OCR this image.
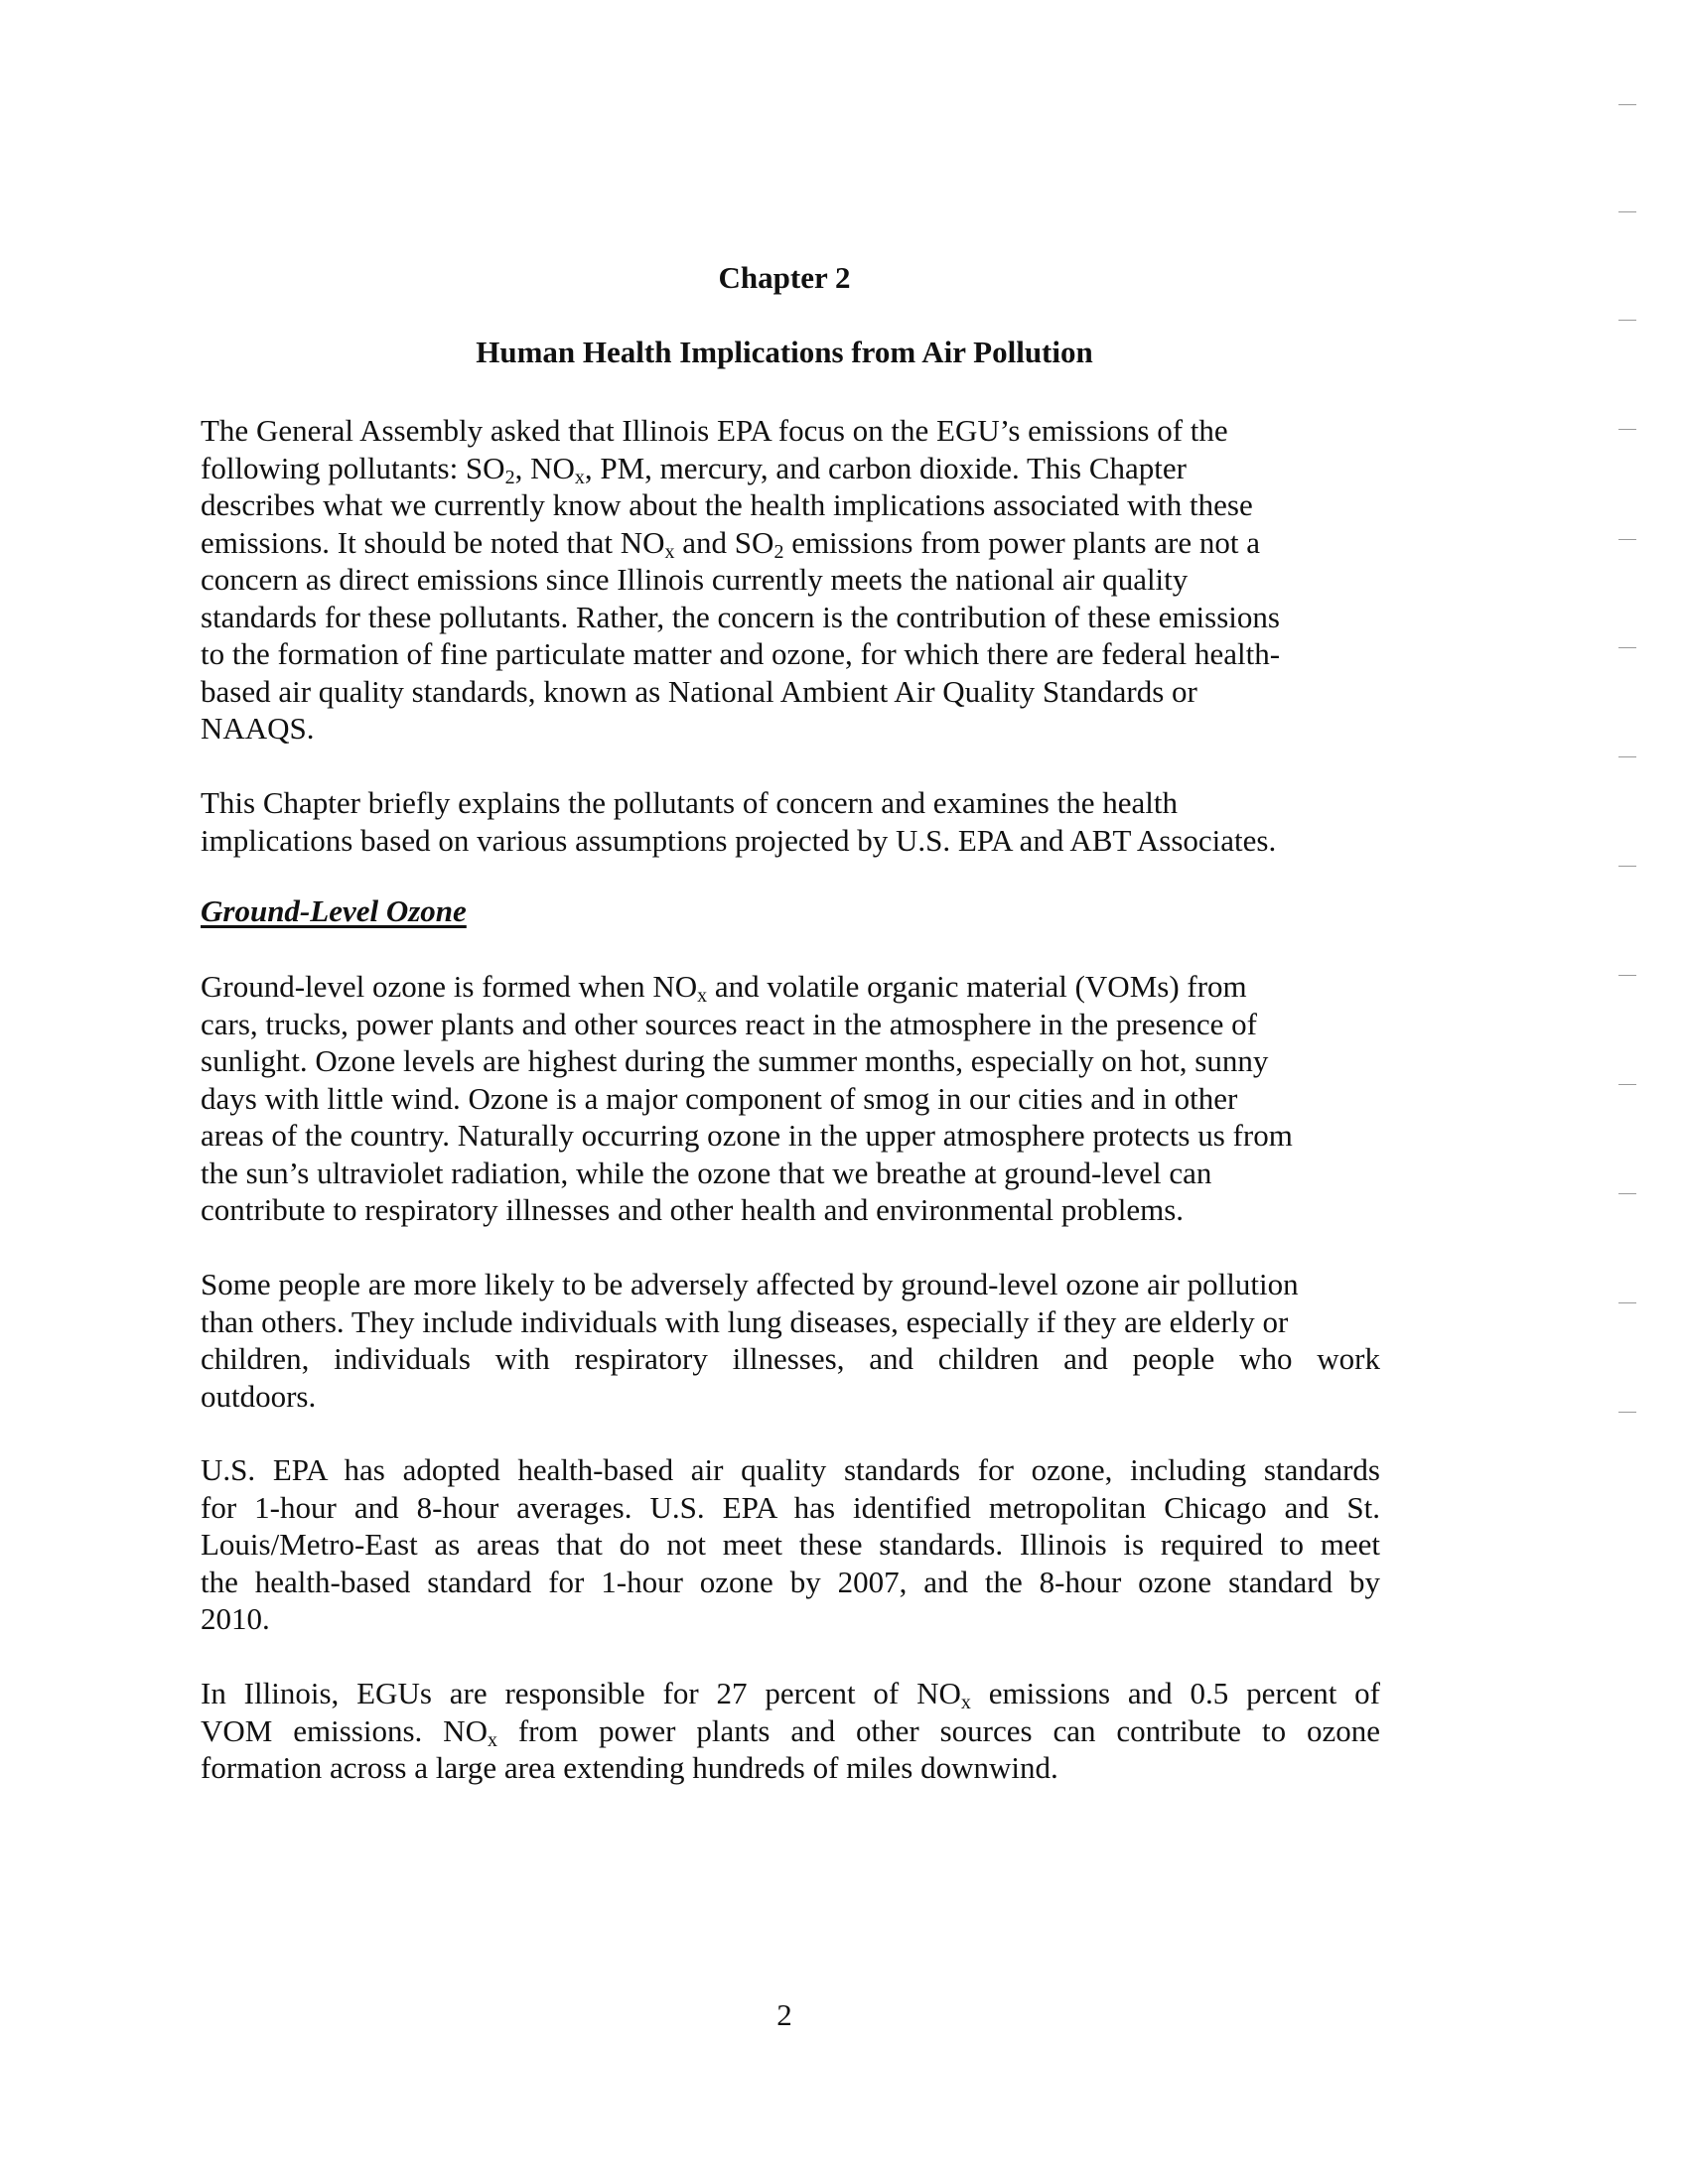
Chapter 2
Human Health Implications from Air Pollution
The General Assembly asked that Illinois EPA focus on the EGU’s emissions of the
following pollutants: $SO_2$, $NO_x$, PM, mercury, and carbon dioxide. This Chapter
describes what we currently know about the health implications associated with these
emissions. It should be noted that $NO_x$ and $SO_2$ emissions from power plants are not a
concern as direct emissions since Illinois currently meets the national air quality
standards for these pollutants. Rather, the concern is the contribution of these emissions
to the formation of fine particulate matter and ozone, for which there are federal health-
based air quality standards, known as National Ambient Air Quality Standards or
NAAQS.
This Chapter briefly explains the pollutants of concern and examines the health
implications based on various assumptions projected by U.S. EPA and ABT Associates.
Ground-Level Ozone
Ground-level ozone is formed when $NO_x$ and volatile organic material (VOMs) from
cars, trucks, power plants and other sources react in the atmosphere in the presence of
sunlight. Ozone levels are highest during the summer months, especially on hot, sunny
days with little wind. Ozone is a major component of smog in our cities and in other
areas of the country. Naturally occurring ozone in the upper atmosphere protects us from
the sun’s ultraviolet radiation, while the ozone that we breathe at ground-level can
contribute to respiratory illnesses and other health and environmental problems.
Some people are more likely to be adversely affected by ground-level ozone air pollution
than others. They include individuals with lung diseases, especially if they are elderly or
children, individuals with respiratory illnesses, and children and people who work
outdoors.
U.S. EPA has adopted health-based air quality standards for ozone, including standards
for 1-hour and 8-hour averages. U.S. EPA has identified metropolitan Chicago and St.
Louis/Metro-East as areas that do not meet these standards. Illinois is required to meet
the health-based standard for 1-hour ozone by 2007, and the 8-hour ozone standard by
2010.
In Illinois, EGUs are responsible for 27 percent of $NO_x$ emissions and 0.5 percent of
VOM emissions. $NO_x$ from power plants and other sources can contribute to ozone
formation across a large area extending hundreds of miles downwind.
2
